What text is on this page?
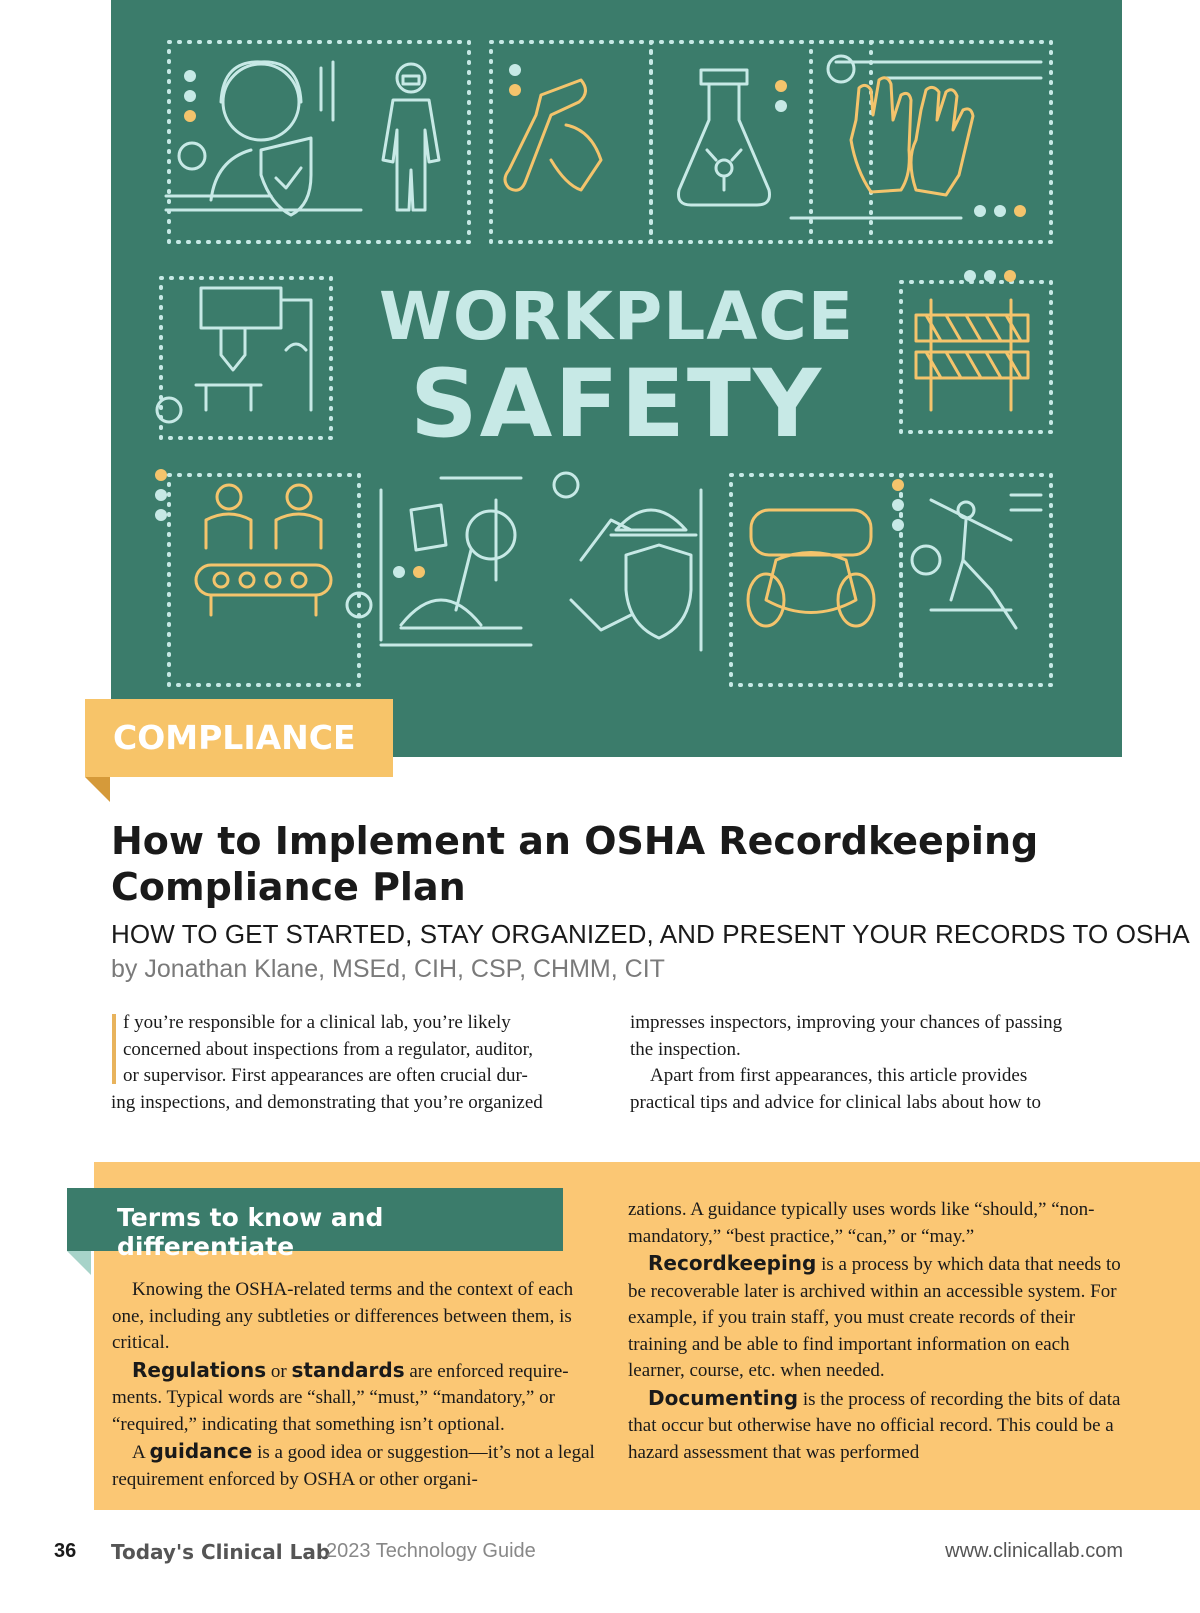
WORKPLACE
SAFETY
COMPLIANCE
How to Implement an OSHA Recordkeeping
Compliance Plan
HOW TO GET STARTED, STAY ORGANIZED, AND PRESENT YOUR RECORDS TO OSHA
by Jonathan Klane, MSEd, CIH, CSP, CHMM, CIT

f you’re responsible for a clinical lab, you’re likely

concerned about inspections from a regulator, auditor,

or supervisor. First appearances are often crucial dur-

ing inspections, and demonstrating that you’re organized

impresses inspectors, improving your chances of passing

the inspection.

Apart from first appearances, this article provides

practical tips and advice for clinical labs about how to

Terms to know and differentiate

Knowing the OSHA-related terms and the context of each one, including any subtleties or differences between them, is critical.

Regulations or standards are enforced require-ments. Typical words are “shall,” “must,” “mandatory,” or “required,” indicating that something isn’t optional.

A guidance is a good idea or suggestion—it’s not a legal requirement enforced by OSHA or other organi-

zations. A guidance typically uses words like “should,” “non-mandatory,” “best practice,” “can,” or “may.”

Recordkeeping is a process by which data that needs to be recoverable later is archived within an accessible system. For example, if you train staff, you must create records of their training and be able to find important information on each learner, course, etc. when needed.

Documenting is the process of recording the bits of data that occur but otherwise have no official record. This could be a hazard assessment that was performed

36 Today's Clinical Lab
2023 Technology Guide	www.clinicallab.com
